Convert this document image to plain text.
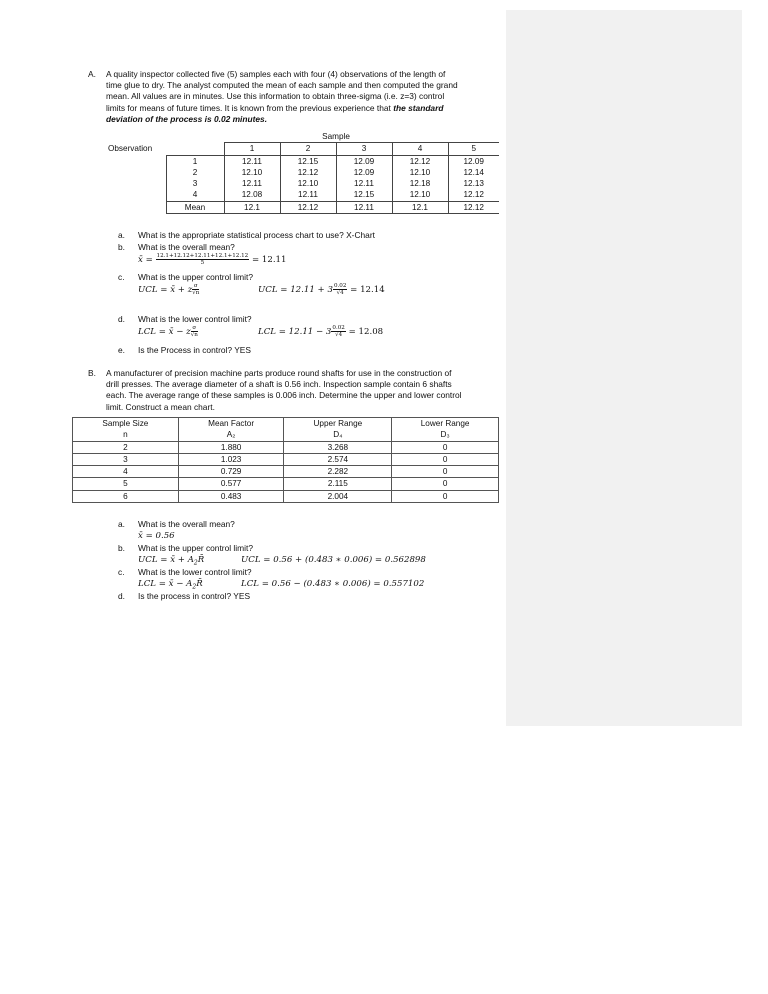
A. A quality inspector collected five (5) samples each with four (4) observations of the length of
time glue to dry. The analyst computed the mean of each sample and then computed the grand
mean. All values are in minutes. Use this information to obtain three-sigma (i.e. z=3) control
limits for means of future times. It is known from the previous experience that the standard
deviation of the process is 0.02 minutes.
			Sample			
Observation		1	2	3	4	5
	1	12.11	12.15	12.09	12.12	12.09
	2	12.10	12.12	12.09	12.10	12.14
	3	12.11	12.10	12.11	12.18	12.13
	4	12.08	12.11	12.15	12.10	12.12
	Mean	12.1	12.12	12.11	12.1	12.12
a. What is the appropriate statistical process chart to use? X-Chart
b. What is the overall mean?
x̄ = $\frac{12.1+12.12+12.11+12.1+12.12}{5} = 12.11$
c. What is the upper control limit?
UCL = x̄ + z $\frac{\sigma}{√n}$	UCL = $12.11 + 3 \frac{0.02}{√4} = 12.14$
d. What is the lower control limit?
LCL = x̄ − z $\frac{\sigma}{√n}$	LCL = $12.11 - 3 \frac{0.02}{√4} = 12.08$
e. Is the Process in control? YES
B. A manufacturer of precision machine parts produce round shafts for use in the construction of
drill presses. The average diameter of a shaft is 0.56 inch. Inspection sample contain 6 shafts
each. The average range of these samples is 0.006 inch. Determine the upper and lower control
limit. Construct a mean chart.
Sample Size	Mean Factor	Upper Range	Lower Range
n	A₂	D₄	D₃
2	1.880	3.268	0
3	1.023	2.574	0
4	0.729	2.282	0
5	0.577	2.115	0
6	0.483	2.004	0
a. What is the overall mean?
x̄ = 0.56
b. What is the upper control limit?
UCL = x̄ + $A_2R̄$	UCL = 0.56 + (0.483 ∗ 0.006) = 0.562898
c. What is the lower control limit?
LCL = x̄ − $A_2R̄$	LCL = 0.56 − (0.483 ∗ 0.006) = 0.557102
d. Is the process in control? YES
